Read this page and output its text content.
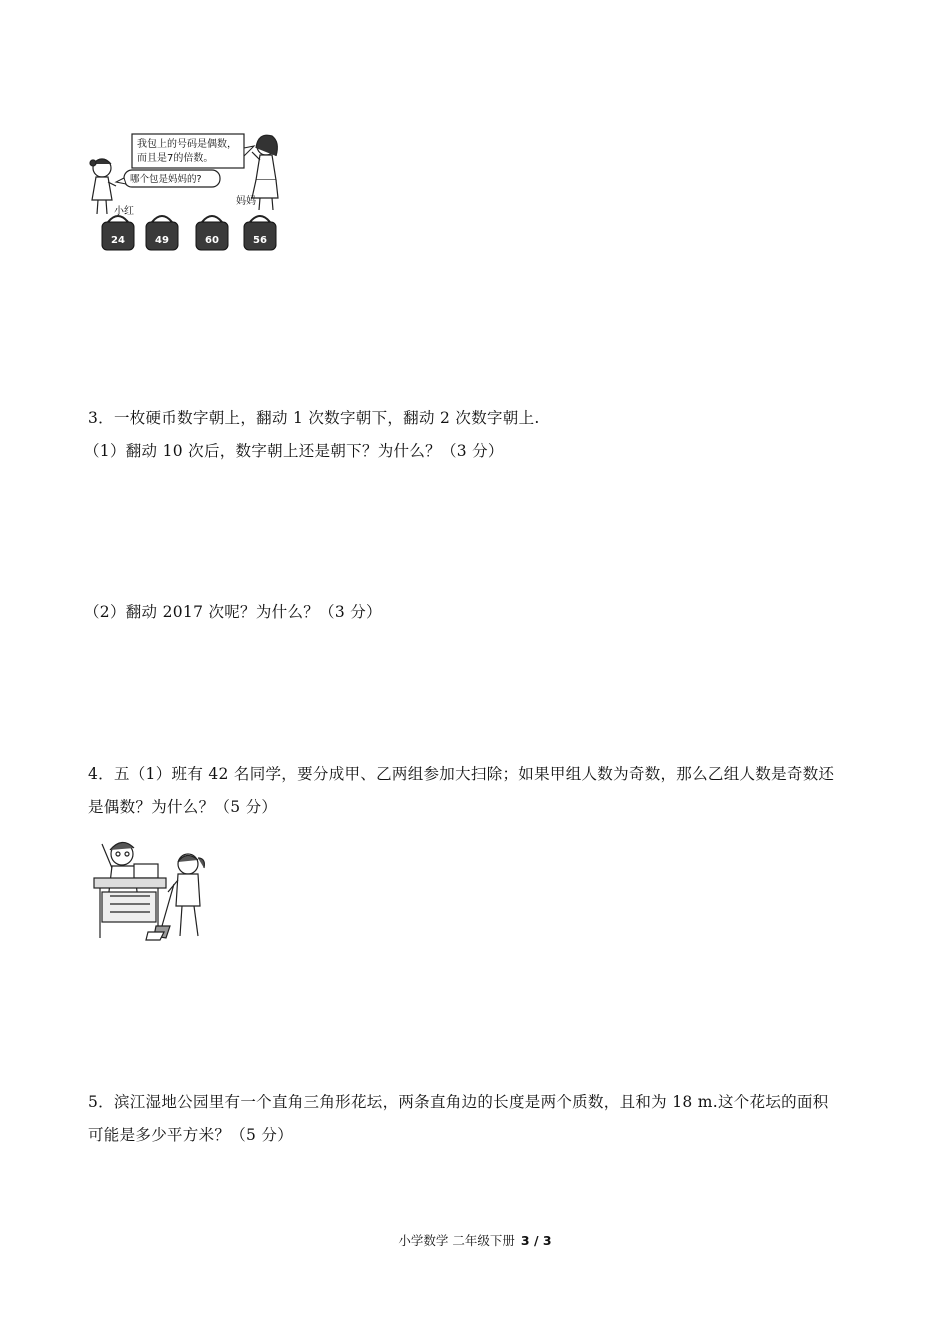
我包上的号码是偶数，
而且是7的倍数。
哪个包是妈妈的?
小红
妈妈
24	49	60	56
3．一枚硬币数字朝上，翻动 1 次数字朝下，翻动 2 次数字朝上.
（1）翻动 10 次后，数字朝上还是朝下？为什么？（3 分）
（2）翻动 2017 次呢？为什么？（3 分）
4．五（1）班有 42 名同学，要分成甲、乙两组参加大扫除；如果甲组人数为奇数，那么乙组人数是奇数还
是偶数？为什么？（5 分）
5．滨江湿地公园里有一个直角三角形花坛，两条直角边的长度是两个质数，且和为 18 m.这个花坛的面积
可能是多少平方米？（5 分）
小学数学 二年级下册 3 / 3
